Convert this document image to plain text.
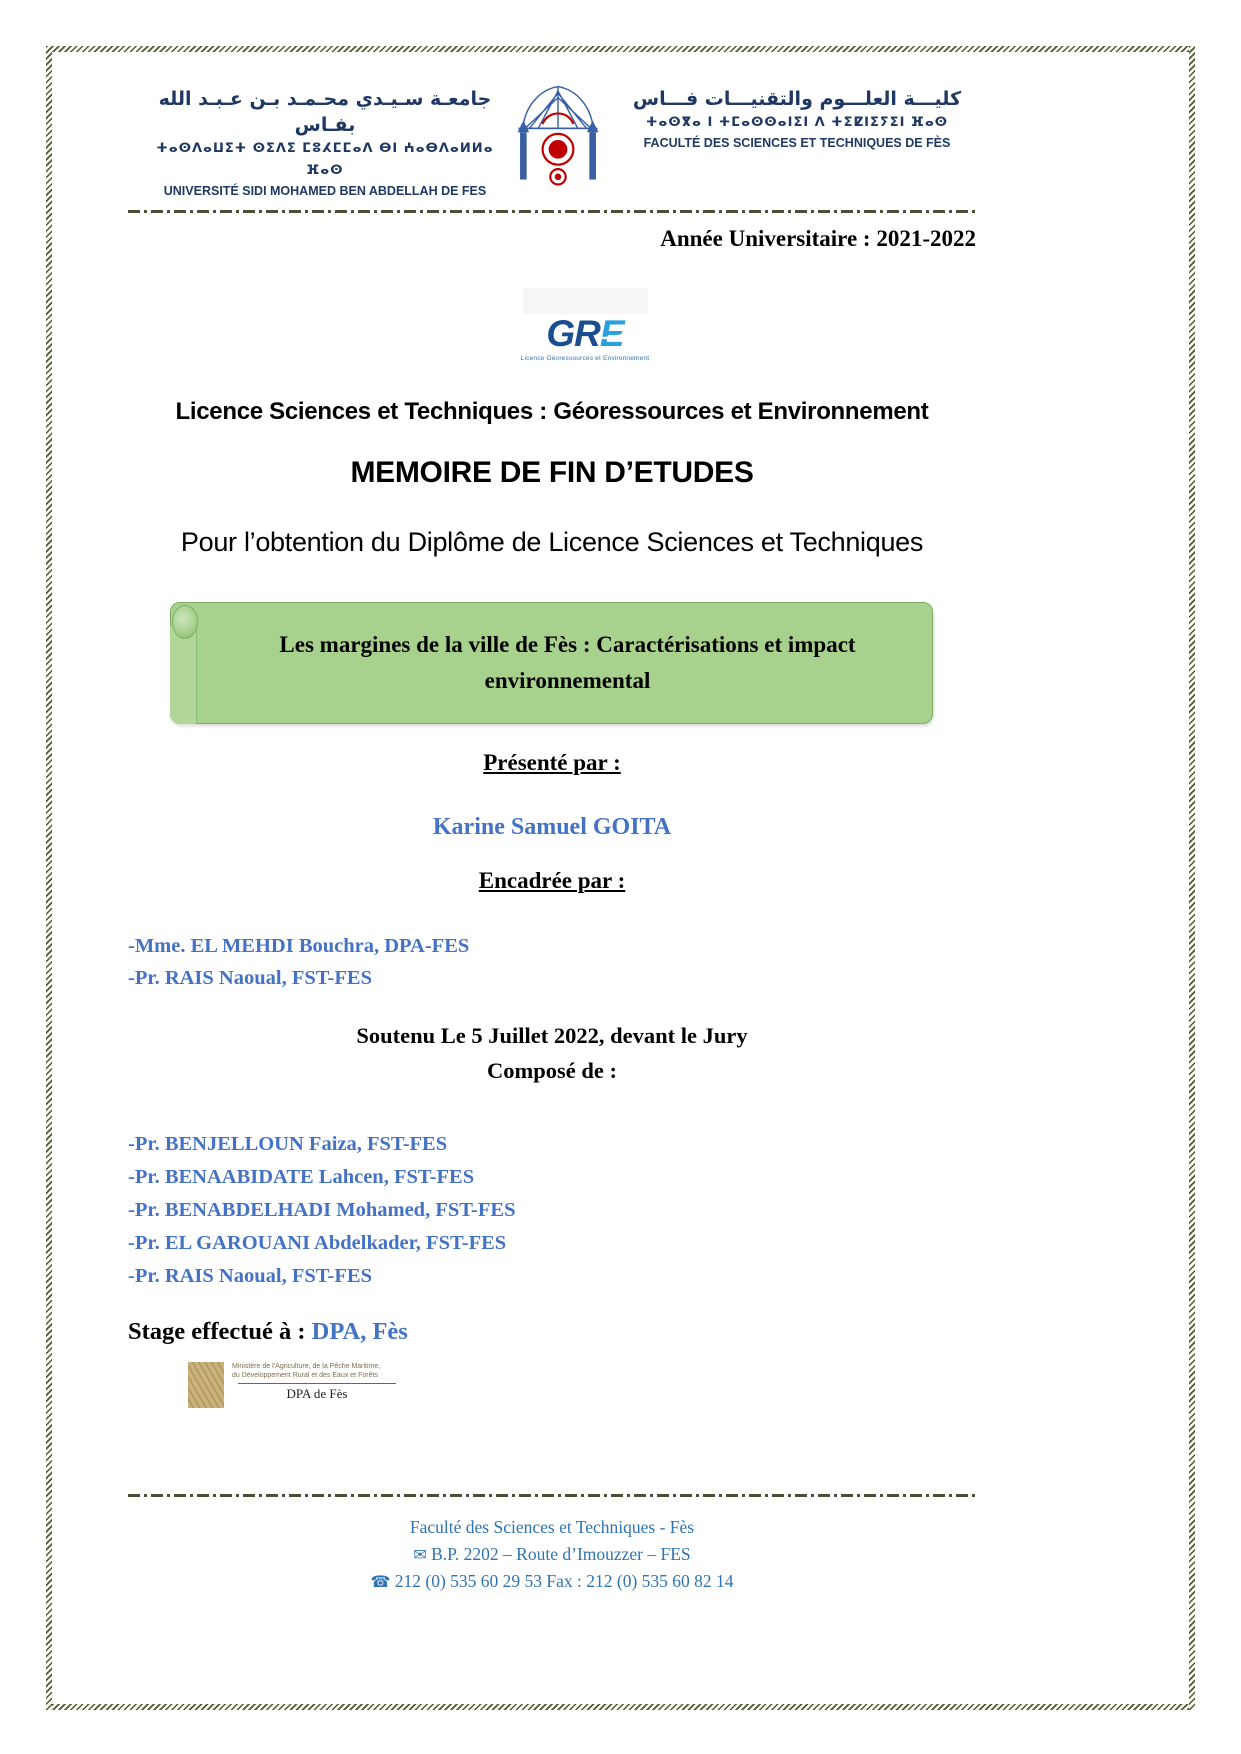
جامعـة سـيـدي محـمـد بـن عـبـد الله بفـاس
ⵜⴰⵙⴷⴰⵡⵉⵜ ⵙⵉⴷⵉ ⵎⵓⵃⵎⵎⴰⴷ ⴱⵏ ⵄⴰⴱⴷⴰⵍⵍⴰ ⴼⴰⵙ
UNIVERSITÉ SIDI MOHAMED BEN ABDELLAH DE FES
كليـــة العلـــوم والتقنيـــات فـــاس
ⵜⴰⵙⴳⴰ ⵏ ⵜⵎⴰⵙⵙⴰⵏⵉⵏ ⴷ ⵜⵉⵇⵏⵉⵢⵉⵏ ⴼⴰⵙ
FACULTÉ DES SCIENCES ET TECHNIQUES DE FÈS
Année Universitaire : 2021-2022
GRE
Licence Géoressources et Environnement
Licence Sciences et Techniques : Géoressources et Environnement
MEMOIRE DE FIN D’ETUDES
Pour l’obtention du Diplôme de Licence Sciences et Techniques
Les margines de la ville de Fès : Caractérisations et impact environnemental
Présenté par :
Karine Samuel GOITA
Encadrée par :
-Mme. EL MEHDI Bouchra, DPA-FES
-Pr. RAIS Naoual, FST-FES
Soutenu Le 5 Juillet 2022, devant le Jury
Composé de :
-Pr. BENJELLOUN Faiza, FST-FES
-Pr. BENAABIDATE Lahcen, FST-FES
-Pr. BENABDELHADI Mohamed, FST-FES
-Pr. EL GAROUANI Abdelkader, FST-FES
-Pr. RAIS Naoual, FST-FES
Stage effectué à : DPA, Fès
Ministère de l’Agriculture, de la Pêche Maritime,
du Développement Rural et des Eaux et Forêts
DPA de Fès
Faculté des Sciences et Techniques - Fès
✉ B.P. 2202 – Route d’Imouzzer – FES
☎ 212 (0) 535 60 29 53 Fax : 212 (0) 535 60 82 14
